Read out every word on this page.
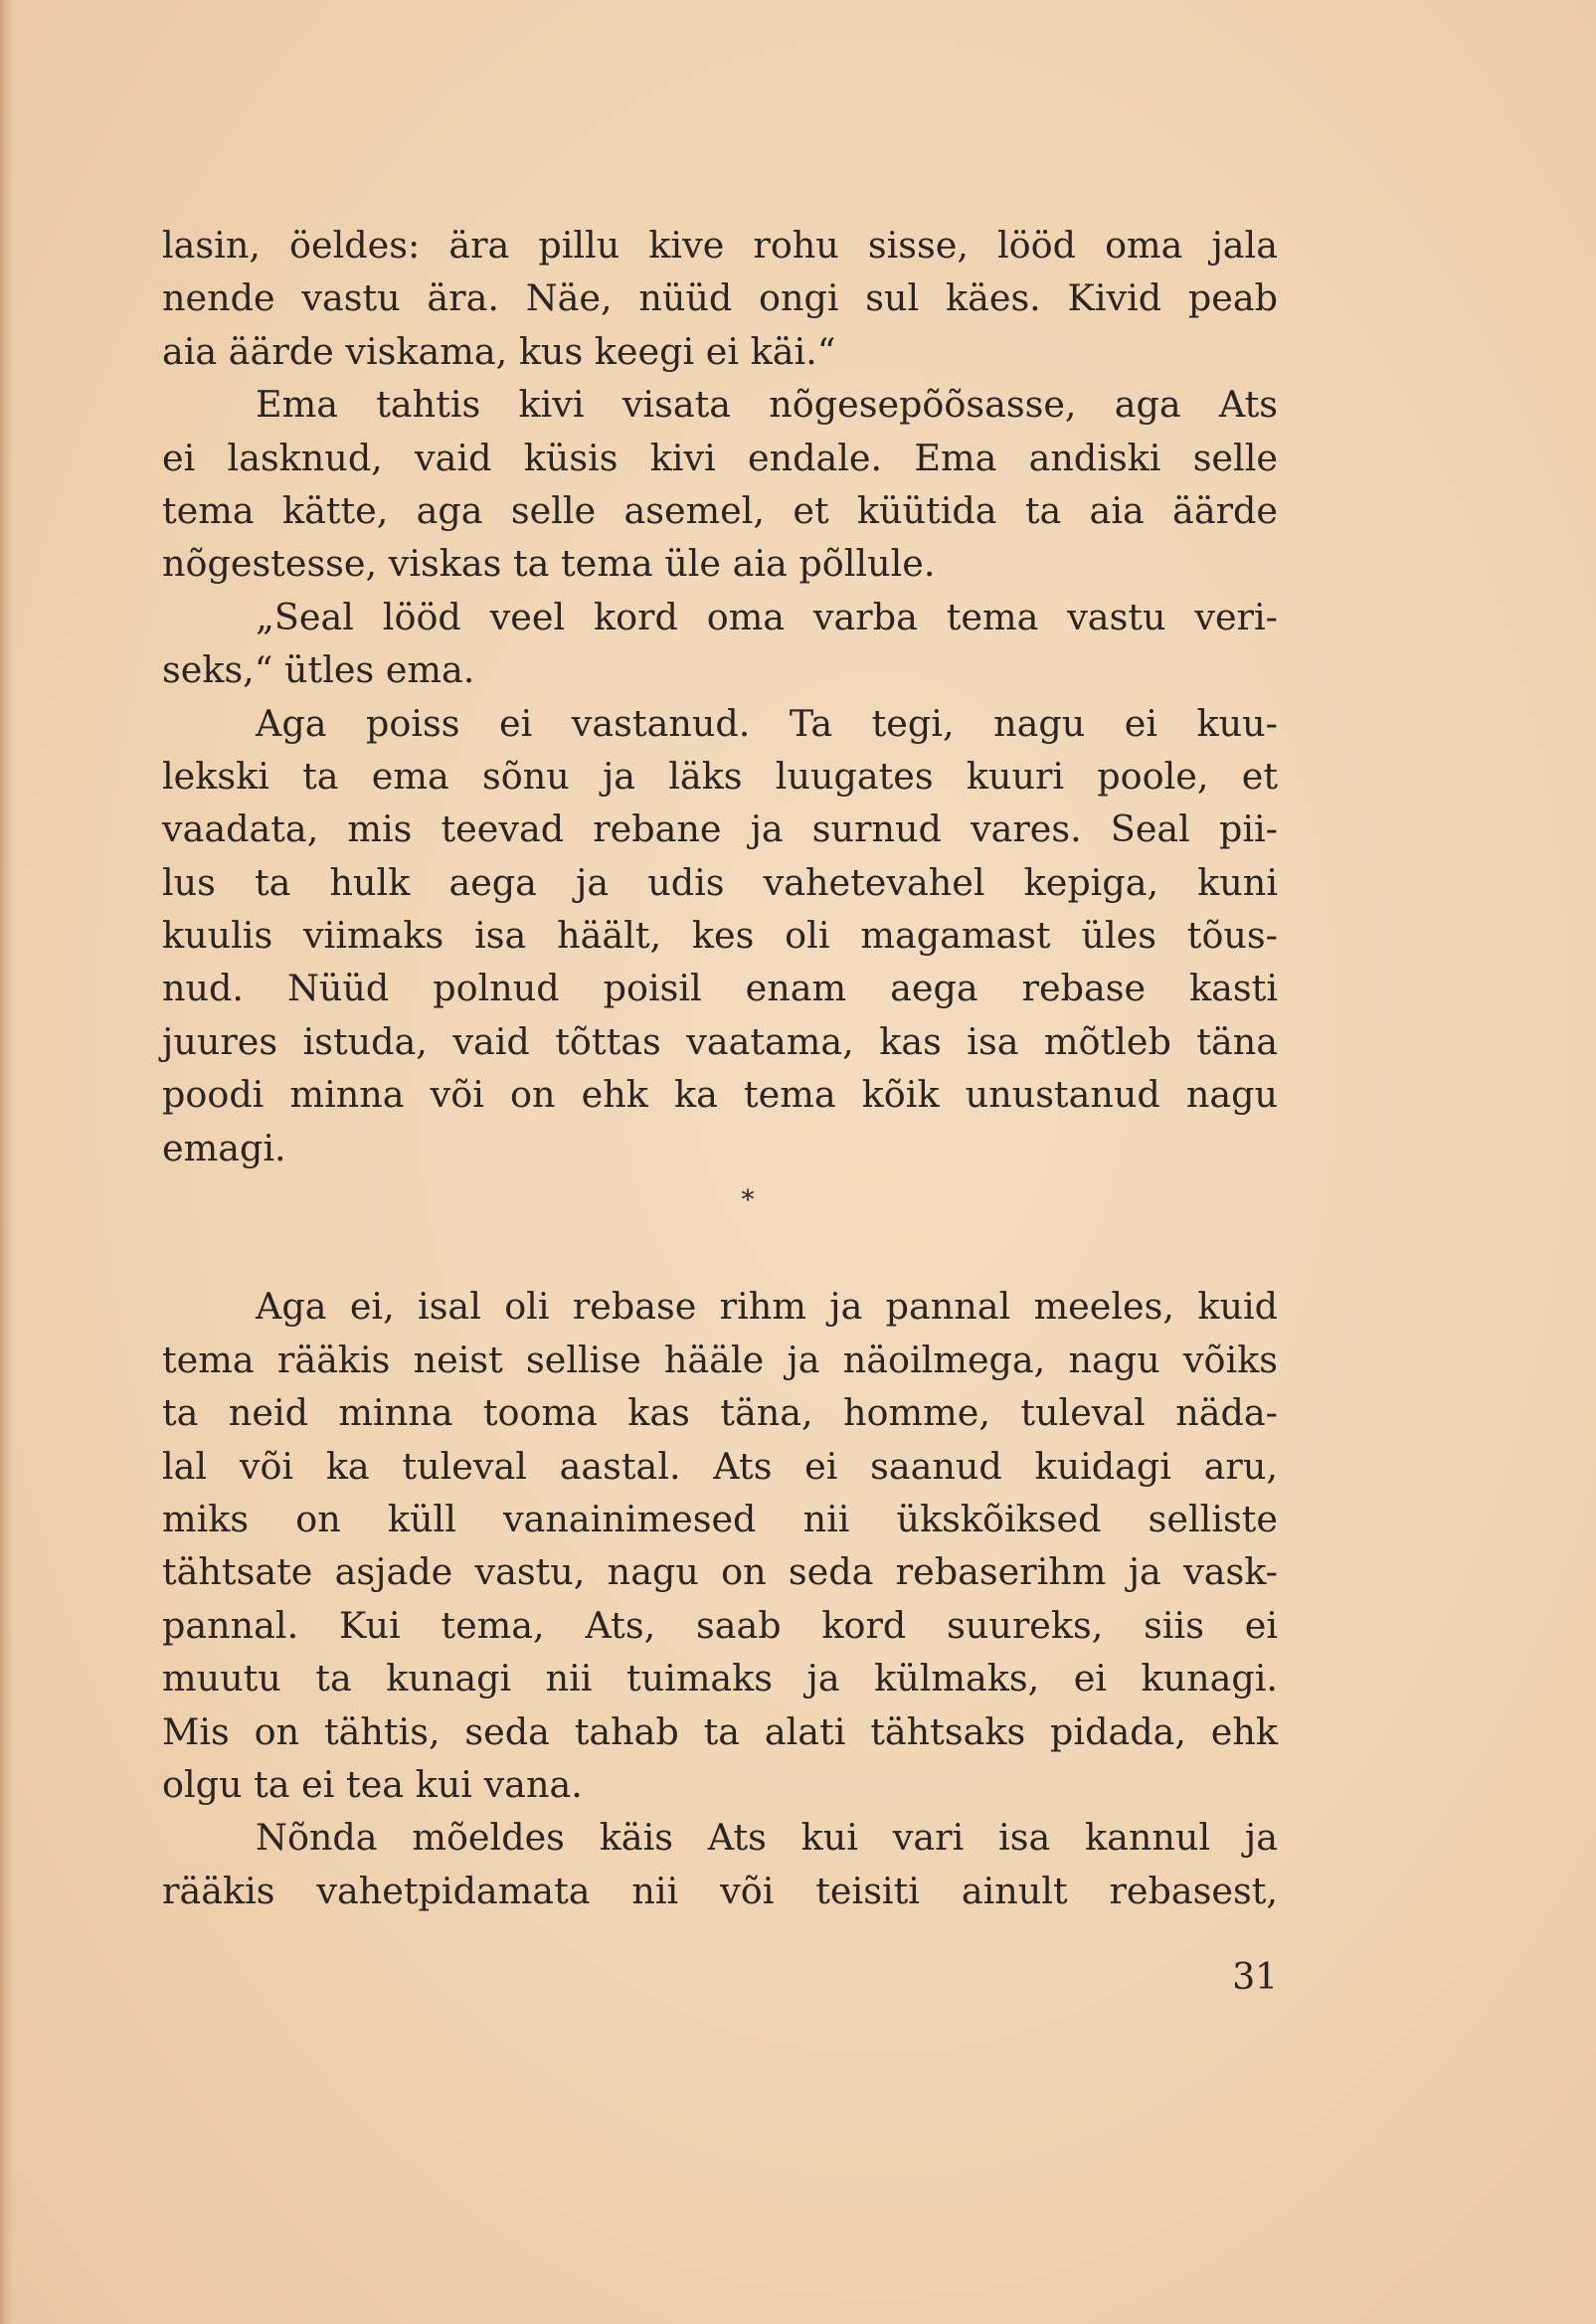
lasin, öeldes: ära pillu kive rohu sisse, lööd oma jala
nende vastu ära. Näe, nüüd ongi sul käes. Kivid peab
aia äärde viskama, kus keegi ei käi.“
Ema tahtis kivi visata nõgesepõõsasse, aga Ats
ei lasknud, vaid küsis kivi endale. Ema andiski selle
tema kätte, aga selle asemel, et küütida ta aia äärde
nõgestesse, viskas ta tema üle aia põllule.
„Seal lööd veel kord oma varba tema vastu veri-
seks,“ ütles ema.
Aga poiss ei vastanud. Ta tegi, nagu ei kuu-
lekski ta ema sõnu ja läks luugates kuuri poole, et
vaadata, mis teevad rebane ja surnud vares. Seal pii-
lus ta hulk aega ja udis vahetevahel kepiga, kuni
kuulis viimaks isa häält, kes oli magamast üles tõus-
nud. Nüüd polnud poisil enam aega rebase kasti
juures istuda, vaid tõttas vaatama, kas isa mõtleb täna
poodi minna või on ehk ka tema kõik unustanud nagu
emagi.
*
Aga ei, isal oli rebase rihm ja pannal meeles, kuid
tema rääkis neist sellise hääle ja näoilmega, nagu võiks
ta neid minna tooma kas täna, homme, tuleval näda-
lal või ka tuleval aastal. Ats ei saanud kuidagi aru,
miks on küll vanainimesed nii ükskõiksed selliste
tähtsate asjade vastu, nagu on seda rebaserihm ja vask-
pannal. Kui tema, Ats, saab kord suureks, siis ei
muutu ta kunagi nii tuimaks ja külmaks, ei kunagi.
Mis on tähtis, seda tahab ta alati tähtsaks pidada, ehk
olgu ta ei tea kui vana.
Nõnda mõeldes käis Ats kui vari isa kannul ja
rääkis vahetpidamata nii või teisiti ainult rebasest,
31
